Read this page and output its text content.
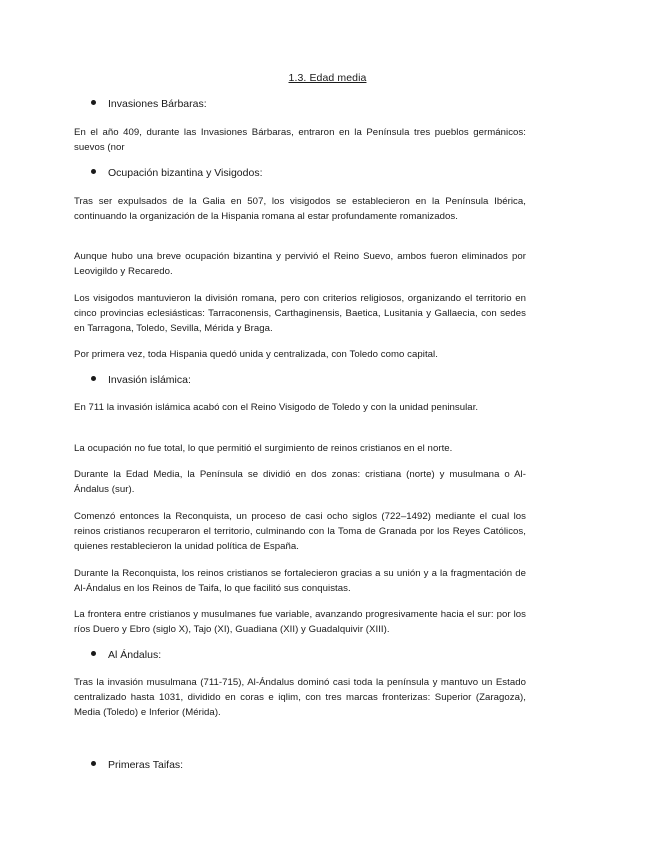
1.3. Edad media
Invasiones Bárbaras:
En el año 409, durante las Invasiones Bárbaras, entraron en la Península tres pueblos germánicos: suevos (nor
Ocupación bizantina y Visigodos:
Tras ser expulsados de la Galia en 507, los visigodos se establecieron en la Península Ibérica, continuando la organización de la Hispania romana al estar profundamente romanizados.
Aunque hubo una breve ocupación bizantina y pervivió el Reino Suevo, ambos fueron eliminados por Leovigildo y Recaredo.
Los visigodos mantuvieron la división romana, pero con criterios religiosos, organizando el territorio en cinco provincias eclesiásticas: Tarraconensis, Carthaginensis, Baetica, Lusitania y Gallaecia, con sedes en Tarragona, Toledo, Sevilla, Mérida y Braga.
Por primera vez, toda Hispania quedó unida y centralizada, con Toledo como capital.
Invasión islámica:
En 711 la invasión islámica acabó con el Reino Visigodo de Toledo y con la unidad peninsular.
La ocupación no fue total, lo que permitió el surgimiento de reinos cristianos en el norte.
Durante la Edad Media, la Península se dividió en dos zonas: cristiana (norte) y musulmana o Al-Ándalus (sur).
Comenzó entonces la Reconquista, un proceso de casi ocho siglos (722–1492) mediante el cual los reinos cristianos recuperaron el territorio, culminando con la Toma de Granada por los Reyes Católicos, quienes restablecieron la unidad política de España.
Durante la Reconquista, los reinos cristianos se fortalecieron gracias a su unión y a la fragmentación de Al-Ándalus en los Reinos de Taifa, lo que facilitó sus conquistas.
La frontera entre cristianos y musulmanes fue variable, avanzando progresivamente hacia el sur: por los ríos Duero y Ebro (siglo X), Tajo (XI), Guadiana (XII) y Guadalquivir (XIII).
Al Ándalus:
Tras la invasión musulmana (711-715), Al-Ándalus dominó casi toda la península y mantuvo un Estado centralizado hasta 1031, dividido en coras e iqlim, con tres marcas fronterizas: Superior (Zaragoza), Media (Toledo) e Inferior (Mérida).
Primeras Taifas:
